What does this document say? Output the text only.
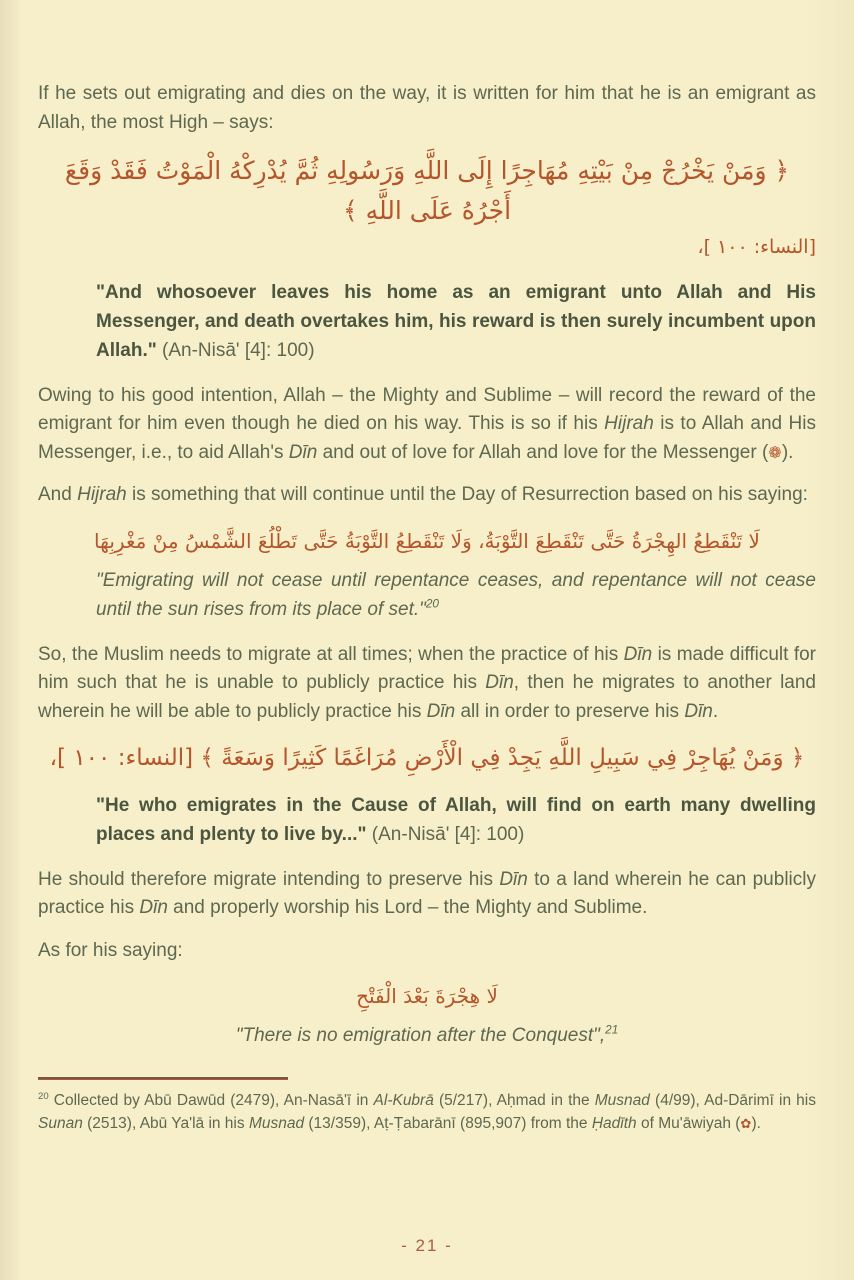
If he sets out emigrating and dies on the way, it is written for him that he is an emigrant as Allah, the most High – says:

﴿ وَمَنْ يَخْرُجْ مِنْ بَيْتِهِ مُهَاجِرًا إِلَى اللَّهِ وَرَسُولِهِ ثُمَّ يُدْرِكْهُ الْمَوْتُ فَقَدْ وَقَعَ أَجْرُهُ عَلَى اللَّهِ ﴾
[النساء: ١٠٠ ]،

"And whosoever leaves his home as an emigrant unto Allah and His Messenger, and death overtakes him, his reward is then surely incumbent upon Allah." (An-Nisā' [4]: 100)

Owing to his good intention, Allah – the Mighty and Sublime – will record the reward of the emigrant for him even though he died on his way. This is so if his Hijrah is to Allah and His Messenger, i.e., to aid Allah's Dīn and out of love for Allah and love for the Messenger (❁).

And Hijrah is something that will continue until the Day of Resurrection based on his saying:

لَا تَنْقَطِعُ الهِجْرَةُ حَتَّى تَنْقَطِعَ التَّوْبَةُ، وَلَا تَنْقَطِعُ التَّوْبَةُ حَتَّى تَطْلُعَ الشَّمْسُ مِنْ مَغْرِبِهَا

"Emigrating will not cease until repentance ceases, and repentance will not cease until the sun rises from its place of set."$^{20}$

So, the Muslim needs to migrate at all times; when the practice of his Dīn is made difficult for him such that he is unable to publicly practice his Dīn, then he migrates to another land wherein he will be able to publicly practice his Dīn all in order to preserve his Dīn.

﴿ وَمَنْ يُهَاجِرْ فِي سَبِيلِ اللَّهِ يَجِدْ فِي الْأَرْضِ مُرَاغَمًا كَثِيرًا وَسَعَةً ﴾ [النساء: ١٠٠ ]،

"He who emigrates in the Cause of Allah, will find on earth many dwelling places and plenty to live by..." (An-Nisā' [4]: 100)

He should therefore migrate intending to preserve his Dīn to a land wherein he can publicly practice his Dīn and properly worship his Lord – the Mighty and Sublime.

As for his saying:

لَا هِجْرَةَ بَعْدَ الْفَتْحِ

"There is no emigration after the Conquest",$^{21}$

$^{20}$ Collected by Abū Dawūd (2479), An-Nasā'ī in Al-Kubrā (5/217), Aḥmad in the Musnad (4/99), Ad-Dārimī in his Sunan (2513), Abū Ya'lā in his Musnad (13/359), Aṭ-Ṭabarānī (895,907) from the Ḥadīth of Mu'āwiyah (✿).

- 21 -
